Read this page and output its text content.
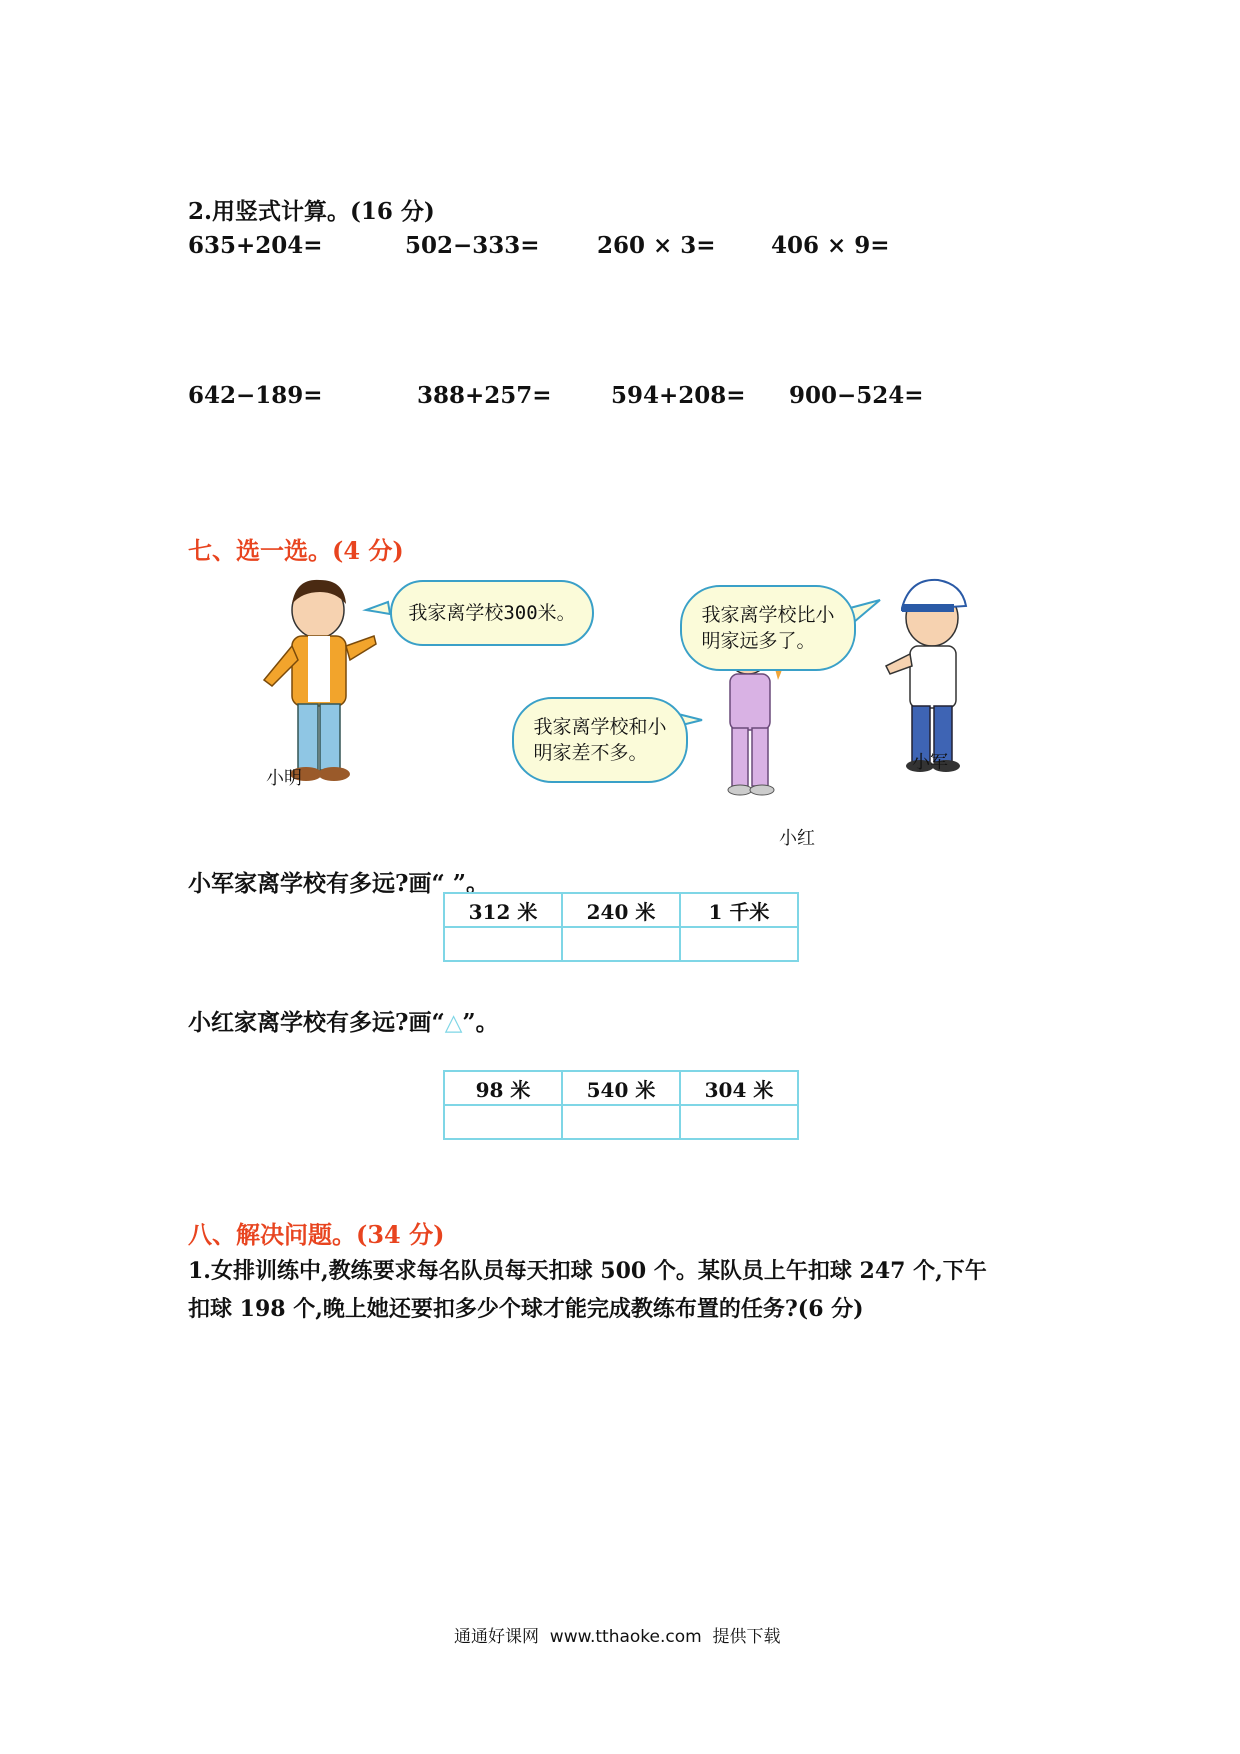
2.用竖式计算。(16 分)
635+204=	502−333= 260 × 3= 406 × 9=
642−189=	388+257=	594+208= 900−524=
七、选一选。(4 分)
我家离学校300米。	我家离学校比小
明家远多了。
我家离学校和小
明家差不多。
小明
小军
小红
小军家离学校有多远?画“ ”。
312 米	240 米	1 千米

小红家离学校有多远?画“△”。
98 米	540 米	304 米

八、解决问题。(34 分)
1.女排训练中,教练要求每名队员每天扣球 500 个。某队员上午扣球 247 个,下午
扣球 198 个,晚上她还要扣多少个球才能完成教练布置的任务?(6 分)
通通好课网  www.tthaoke.com  提供下载
